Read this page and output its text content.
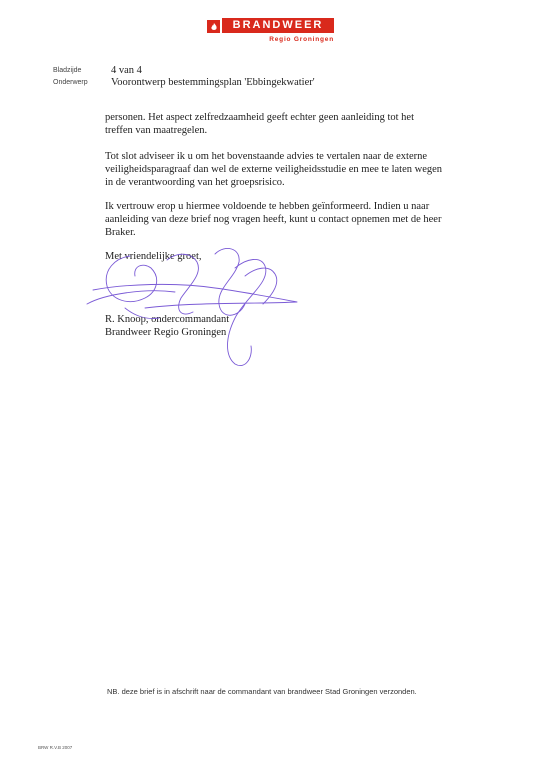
BRANDWEER
Regio Groningen
Bladzijde	4 van 4
Onderwerp Voorontwerp bestemmingsplan 'Ebbingekwatier'

personen. Het aspect zelfredzaamheid geeft echter geen aanleiding tot het

treffen van maatregelen.

Tot slot adviseer ik u om het bovenstaande advies te vertalen naar de externe

veiligheidsparagraaf dan wel de externe veiligheidsstudie en mee te laten wegen

in de verantwoording van het groepsrisico.

Ik vertrouw erop u hiermee voldoende te hebben geïnformeerd. Indien u naar

aanleiding van deze brief nog vragen heeft, kunt u contact opnemen met de heer

Braker.

Met vriendelijke groet,

R. Knoop, ondercommandant

Brandweer Regio Groningen

NB. deze brief is in afschrift naar de commandant van brandweer Stad Groningen verzonden.
BRW R.V.B 2007
